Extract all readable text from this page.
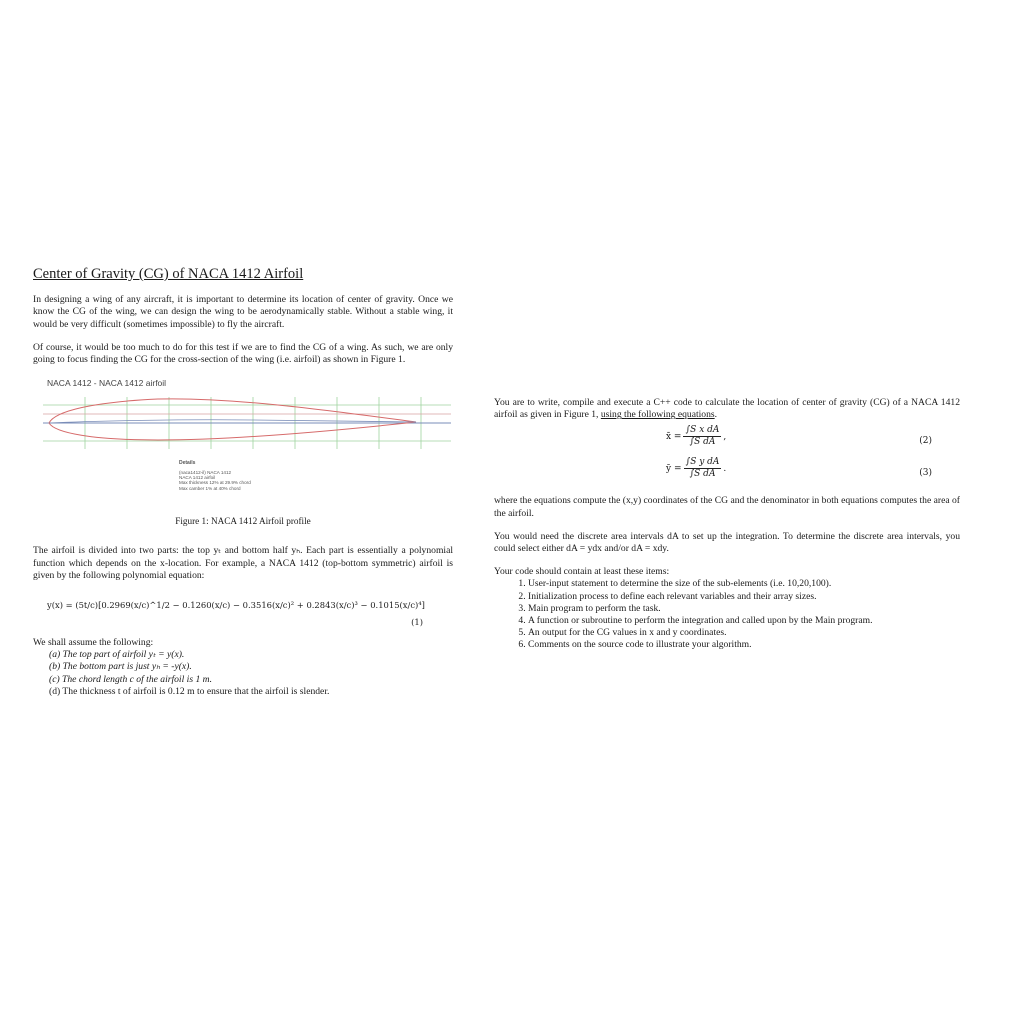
Center of Gravity (CG) of NACA 1412 Airfoil

In designing a wing of any aircraft, it is important to determine its location of center of gravity. Once we know the CG of the wing, we can design the wing to be aerodynamically stable. Without a stable wing, it would be very difficult (sometimes impossible) to fly the aircraft.

Of course, it would be too much to do for this test if we are to find the CG of a wing. As such, we are only going to focus finding the CG for the cross-section of the wing (i.e. airfoil) as shown in Figure 1.

NACA 1412 - NACA 1412 airfoil
Details
(naca1412-il) NACA 1412
NACA 1412 airfoil
Max thickness 12% at 29.9% chord
Max camber 1% at 40% chord
Figure 1: NACA 1412 Airfoil profile

The airfoil is divided into two parts: the top yₜ and bottom half yₕ. Each part is essentially a polynomial function which depends on the x-location. For example, a NACA 1412 (top-bottom symmetric) airfoil is given by the following polynomial equation:

y(x) = (5t/c)[0.2969(x/c)^1/2 − 0.1260(x/c) − 0.3516(x/c)² + 0.2843(x/c)³ − 0.1015(x/c)⁴]
(1)
We shall assume the following:
(a) The top part of airfoil yₜ = y(x).
(b) The bottom part is just yₕ = -y(x).
(c) The chord length c of the airfoil is 1 m.
(d) The thickness t of airfoil is 0.12 m to ensure that the airfoil is slender.

You are to write, compile and execute a C++ code to calculate the location of center of gravity (CG) of a NACA 1412 airfoil as given in Figure 1, using the following equations.

x̄ = $\frac{\text{∫S x dA}}{\text{∫S dA}}$ ,	(2)
ȳ = $\frac{\text{∫S y dA}}{\text{∫S dA}}$ .	(3)

where the equations compute the (x,y) coordinates of the CG and the denominator in both equations computes the area of the airfoil.

You would need the discrete area intervals dA to set up the integration. To determine the discrete area intervals, you could select either dA = ydx and/or dA = xdy.

Your code should contain at least these items:
1. User-input statement to determine the size of the sub-elements (i.e. 10,20,100).
2. Initialization process to define each relevant variables and their array sizes.
3. Main program to perform the task.
4. A function or subroutine to perform the integration and called upon by the Main program.
5. An output for the CG values in x and y coordinates.
6. Comments on the source code to illustrate your algorithm.
